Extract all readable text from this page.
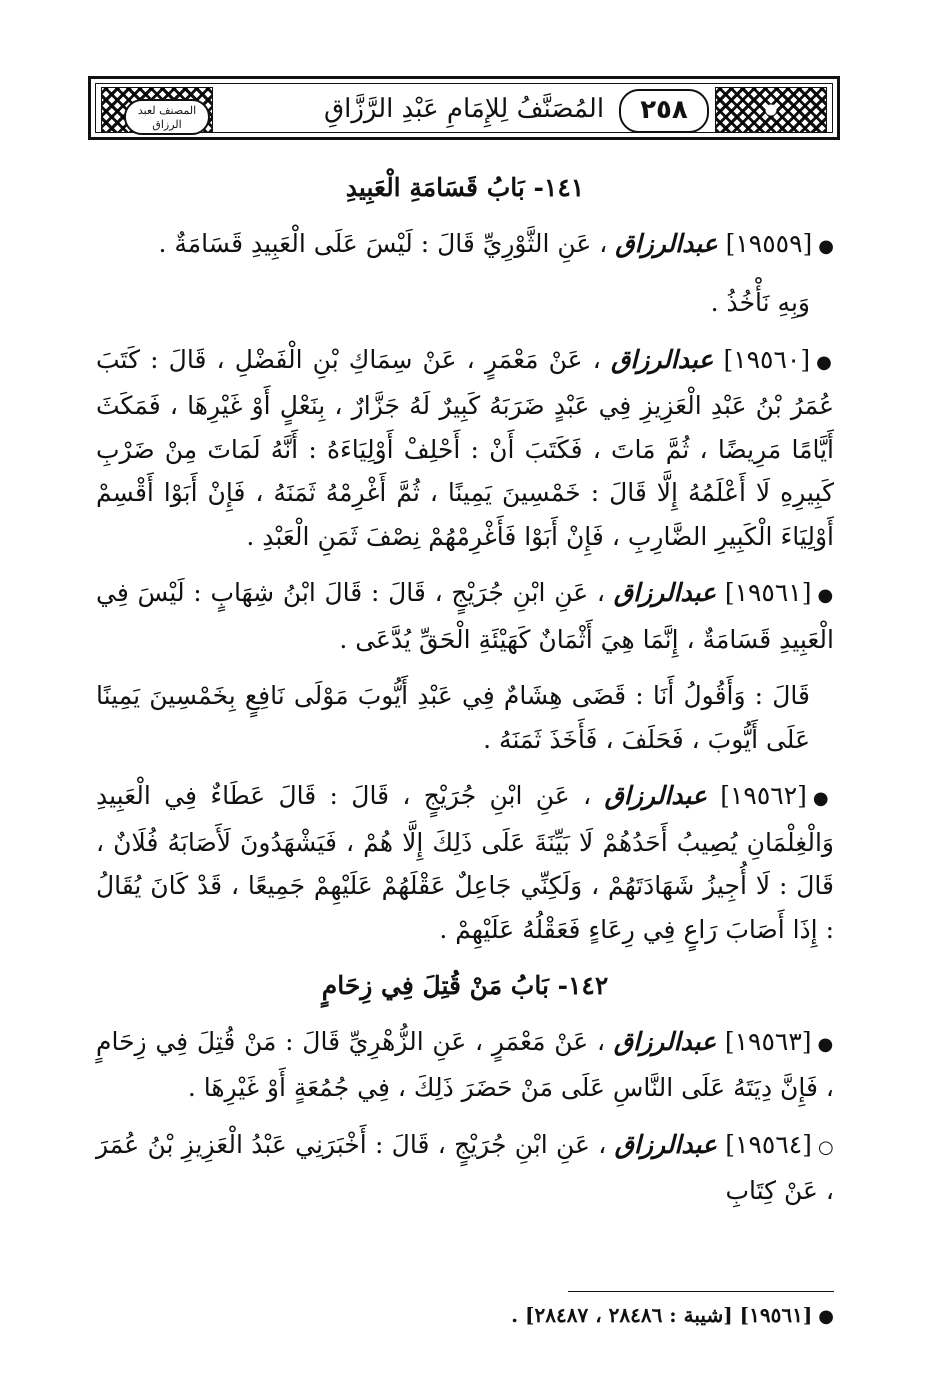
المصنف لعبد الرزاق
المُصَنَّفُ لِلإِمَامِ عَبْدِ الرَّزَّاقِ	٢٥٨
١٤١- بَابُ قَسَامَةِ الْعَبِيدِ

●[١٩٥٥٩] عبدالرزاق ، عَنِ الثَّوْرِيِّ قَالَ : لَيْسَ عَلَى الْعَبِيدِ قَسَامَةٌ .

وَبِهِ نَأْخُذُ .

●[١٩٥٦٠] عبدالرزاق ، عَنْ مَعْمَرٍ ، عَنْ سِمَاكِ بْنِ الْفَضْلِ ، قَالَ : كَتَبَ عُمَرُ بْنُ عَبْدِ الْعَزِيزِ فِي عَبْدٍ ضَرَبَهُ كَبِيرٌ لَهُ جَزَّارٌ ، بِنَعْلٍ أَوْ غَيْرِهَا ، فَمَكَثَ أَيَّامًا مَرِيضًا ، ثُمَّ مَاتَ ، فَكَتَبَ أَنْ : أَحْلِفْ أَوْلِيَاءَهُ : أَنَّهُ لَمَاتَ مِنْ ضَرْبِ كَبِيرِهِ لَا أَعْلَمُهُ إِلَّا قَالَ : خَمْسِينَ يَمِينًا ، ثُمَّ أَغْرِمْهُ ثَمَنَهُ ، فَإِنْ أَبَوْا أَقْسِمْ أَوْلِيَاءَ الْكَبِيرِ الضَّارِبِ ، فَإِنْ أَبَوْا فَأَغْرِمْهُمْ نِصْفَ ثَمَنِ الْعَبْدِ .

●[١٩٥٦١] عبدالرزاق ، عَنِ ابْنِ جُرَيْجٍ ، قَالَ : قَالَ ابْنُ شِهَابٍ : لَيْسَ فِي الْعَبِيدِ قَسَامَةٌ ، إِنَّمَا هِيَ أَثْمَانٌ كَهَيْئَةِ الْحَقِّ يُدَّعَى .

قَالَ : وَأَقُولُ أَنَا : قَضَى هِشَامٌ فِي عَبْدِ أَيُّوبَ مَوْلَى نَافِعٍ بِخَمْسِينَ يَمِينًا عَلَى أَيُّوبَ ، فَحَلَفَ ، فَأَخَذَ ثَمَنَهُ .

●[١٩٥٦٢] عبدالرزاق ، عَنِ ابْنِ جُرَيْجٍ ، قَالَ : قَالَ عَطَاءٌ فِي الْعَبِيدِ وَالْغِلْمَانِ يُصِيبُ أَحَدُهُمْ لَا بَيِّنَةَ عَلَى ذَلِكَ إِلَّا هُمْ ، فَيَشْهَدُونَ لَأَصَابَهُ فُلَانٌ ، قَالَ : لَا أُجِيزُ شَهَادَتَهُمْ ، وَلَكِنِّي جَاعِلٌ عَقْلَهُمْ عَلَيْهِمْ جَمِيعًا ، قَدْ كَانَ يُقَالُ : إِذَا أَصَابَ رَاعٍ فِي رِعَاءٍ فَعَقْلُهُ عَلَيْهِمْ .

١٤٢- بَابُ مَنْ قُتِلَ فِي زِحَامٍ

●[١٩٥٦٣] عبدالرزاق ، عَنْ مَعْمَرٍ ، عَنِ الزُّهْرِيِّ قَالَ : مَنْ قُتِلَ فِي زِحَامٍ ، فَإِنَّ دِيَتَهُ عَلَى النَّاسِ عَلَى مَنْ حَضَرَ ذَلِكَ ، فِي جُمُعَةٍ أَوْ غَيْرِهَا .

○[١٩٥٦٤] عبدالرزاق ، عَنِ ابْنِ جُرَيْجٍ ، قَالَ : أَخْبَرَنِي عَبْدُ الْعَزِيزِ بْنُ عُمَرَ ، عَنْ كِتَابِ

●[١٩٥٦١] [شيبة : ٢٨٤٨٦ ، ٢٨٤٨٧] .
